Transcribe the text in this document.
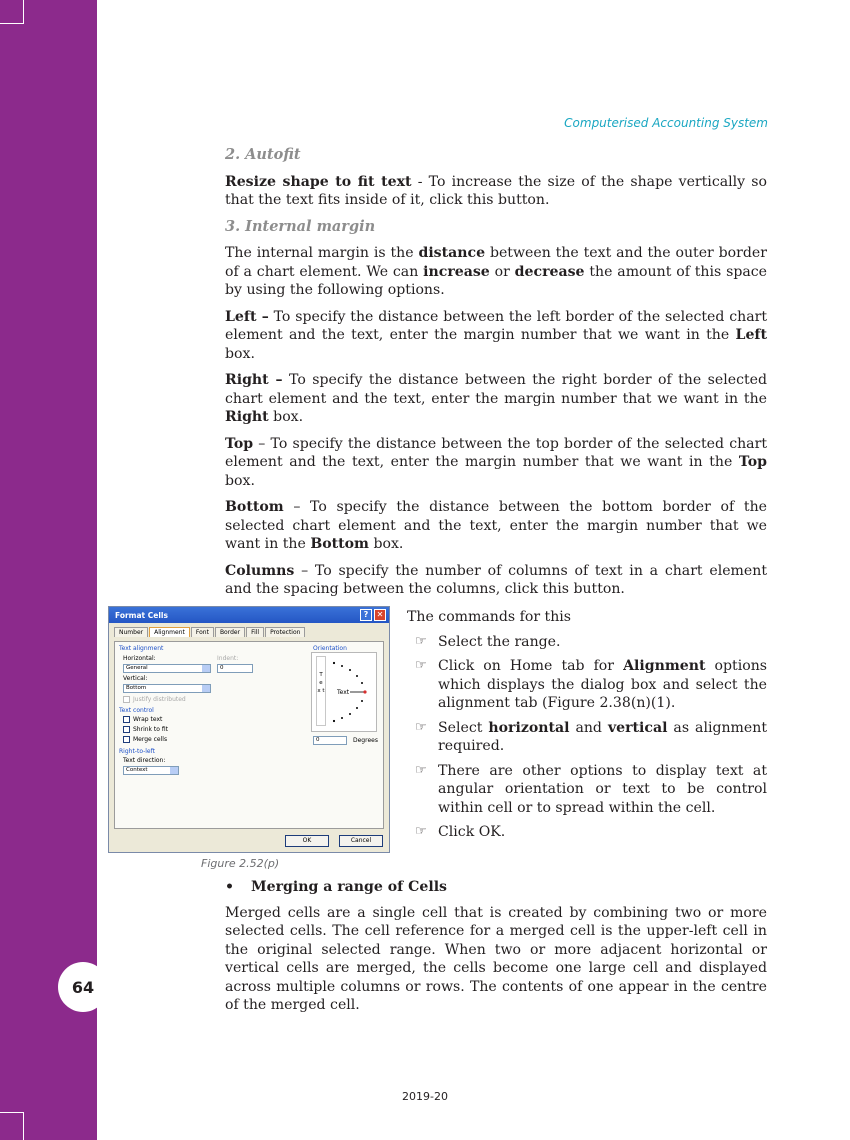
64
Computerised Accounting System
2. Autofit

Resize shape to fit text - To increase the size of the shape vertically so that the text fits inside of it, click this button.

3. Internal margin

The internal margin is the distance between the text and the outer border of a chart element. We can increase or decrease the amount of this space by using the following options.

Left – To specify the distance between the left border of the selected chart element and the text, enter the margin number that we want in the Left box.

Right – To specify the distance between the right border of the selected chart element and the text, enter the margin number that we want in the Right box.

Top – To specify the distance between the top border of the selected chart element and the text, enter the margin number that we want in the Top box.

Bottom – To specify the distance between the bottom border of the selected chart element and the text, enter the margin number that we want in the Bottom box.

Columns – To specify the number of columns of text in a chart element and the spacing between the columns, click this button.

Format Cells	?	✕
Number	Alignment	Font	Border	Fill	Protection
Text alignment
Horizontal:
General
Indent:
0
Vertical:
Bottom
Justify distributed
Text control
Wrap text
Shrink to fit
Merge cells
Right-to-left
Text direction:
Context
Orientation
T e x t Text
0	Degrees
OK	Cancel
Figure 2.52(p)
The commands for this
☞ Select the range.
☞ Click on Home tab for Alignment options which displays the dialog box and select the alignment tab (Figure 2.38(n)(1).
☞ Select horizontal and vertical as alignment required.
☞ There are other options to display text at angular orientation or text to be control within cell or to spread within the cell.
☞ Click OK.
• Merging a range of Cells

Merged cells are a single cell that is created by combining two or more selected cells. The cell reference for a merged cell is the upper-left cell in the original selected range. When two or more adjacent horizontal or vertical cells are merged, the cells become one large cell and displayed across multiple columns or rows. The contents of one appear in the centre of the merged cell.

2019-20
